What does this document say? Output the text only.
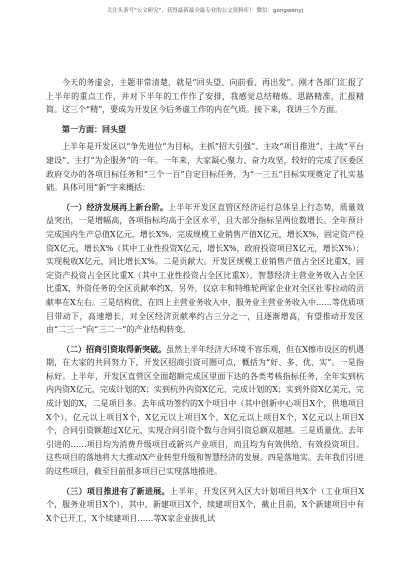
关注头条号"公文研究"，获得最新最全最专业的公文资料库！ 微信：gongwenyj

今天的务虚会，主题非常清楚，就是“回头望、向前看、再出发”。刚才各部门汇报了上半年的重点工作，并对下半年的工作作了安排，我感觉总结精炼、思路精准，汇报精简。这三个“精”，要成为开发区今后务虚工作的内在气质。接下来，我讲三个方面。

第一方面：回头望

上半年是开发区以“争先进位”为目标，主抓“招大引强”、主攻“项目推进”、主战“平台建设”、主打“为企服务”的一年。一年来，大家凝心聚力、奋力攻坚，较好的完成了区委区政府交办的各项目标任务和“三个一百”自定目标任务，为“一三五”目标实现奠定了扎实基础。具体可用“新”字来概括：

（一）经济发展再上新台阶。上半年开发区直管区经济运行总体呈上行态势，质量效益突出，一是增幅高，各项指标均高于全区水平，且大部分指标呈两位数增长。全年预计完成国内生产总值X亿元，增长X%，完成规模工业销售产值X亿元，增长X%，固定资产投资X亿元，增长X%（其中工业性投资X亿元，增长X%，政府投资项目X亿元，增长X%）；实现税收X亿元，同比增长X%。二是贡献大。开发区规模工业销售产值占全区比重X，固定资产投资占全区比重X（其中工业性投资占全区比重X），智慧经济主营业务收入占全区比重X，外资任务的全区贡献率约X，另外，仪京丰和特维轮两家企业对全区社零拉动的贡献率在X左右。三是结构优，在四上主营业务收入中，服务业主营业务收入中……等优质项目带动下，高速增长，对全区经济贡献率约占三分之一，且逐渐增高，有望推动开发区由“二三一”向“三二一”的产业结构转变。

（二）招商引资取得新突破。虽然上半年经济大环境不容乐观，但在X擦市设区的机遇期，在大家的共同努力下，开发区招商引资可圈可点，概括为“好、多、优、实”。一是指标好。上半年，开发区直管区全面超额完成区里面下达的各类考核指标任务，全年实到杭内内资X亿元，完成计划的X；实到杭外内资X亿元，完成计划的X；实到外资X亿美元，完成计划的X，二是项目多。去年成功签约的X个项目中（其中创新中心项目X个，供地项目X个），亿元以上项目X个，X亿元以上项目X个，X亿元以上项目X个，X亿元以上项目X个，合同引资额超过X亿元，实现合同引资个数与合同引资总额双超越。三是质量优。去年引进的……项目均为消费升级项目或新兴产业项目，而且均为有效供给、有效投资项目。这些项目的落地将大大推动X产业转型升级和智慧经济的发展。四是落地实。去年我们引进的这些项目，截至目前很多项目已实现落地推进。

（三）项目推进有了新进展。上半年，开发区列入区大计划项目共X个（工业项目X个，服务业项目X个），其中，新建项目X个，续建项目X个，截止目前，X个新建项目中有X个已开工，X个续建项目……等X家企业拔扎试
